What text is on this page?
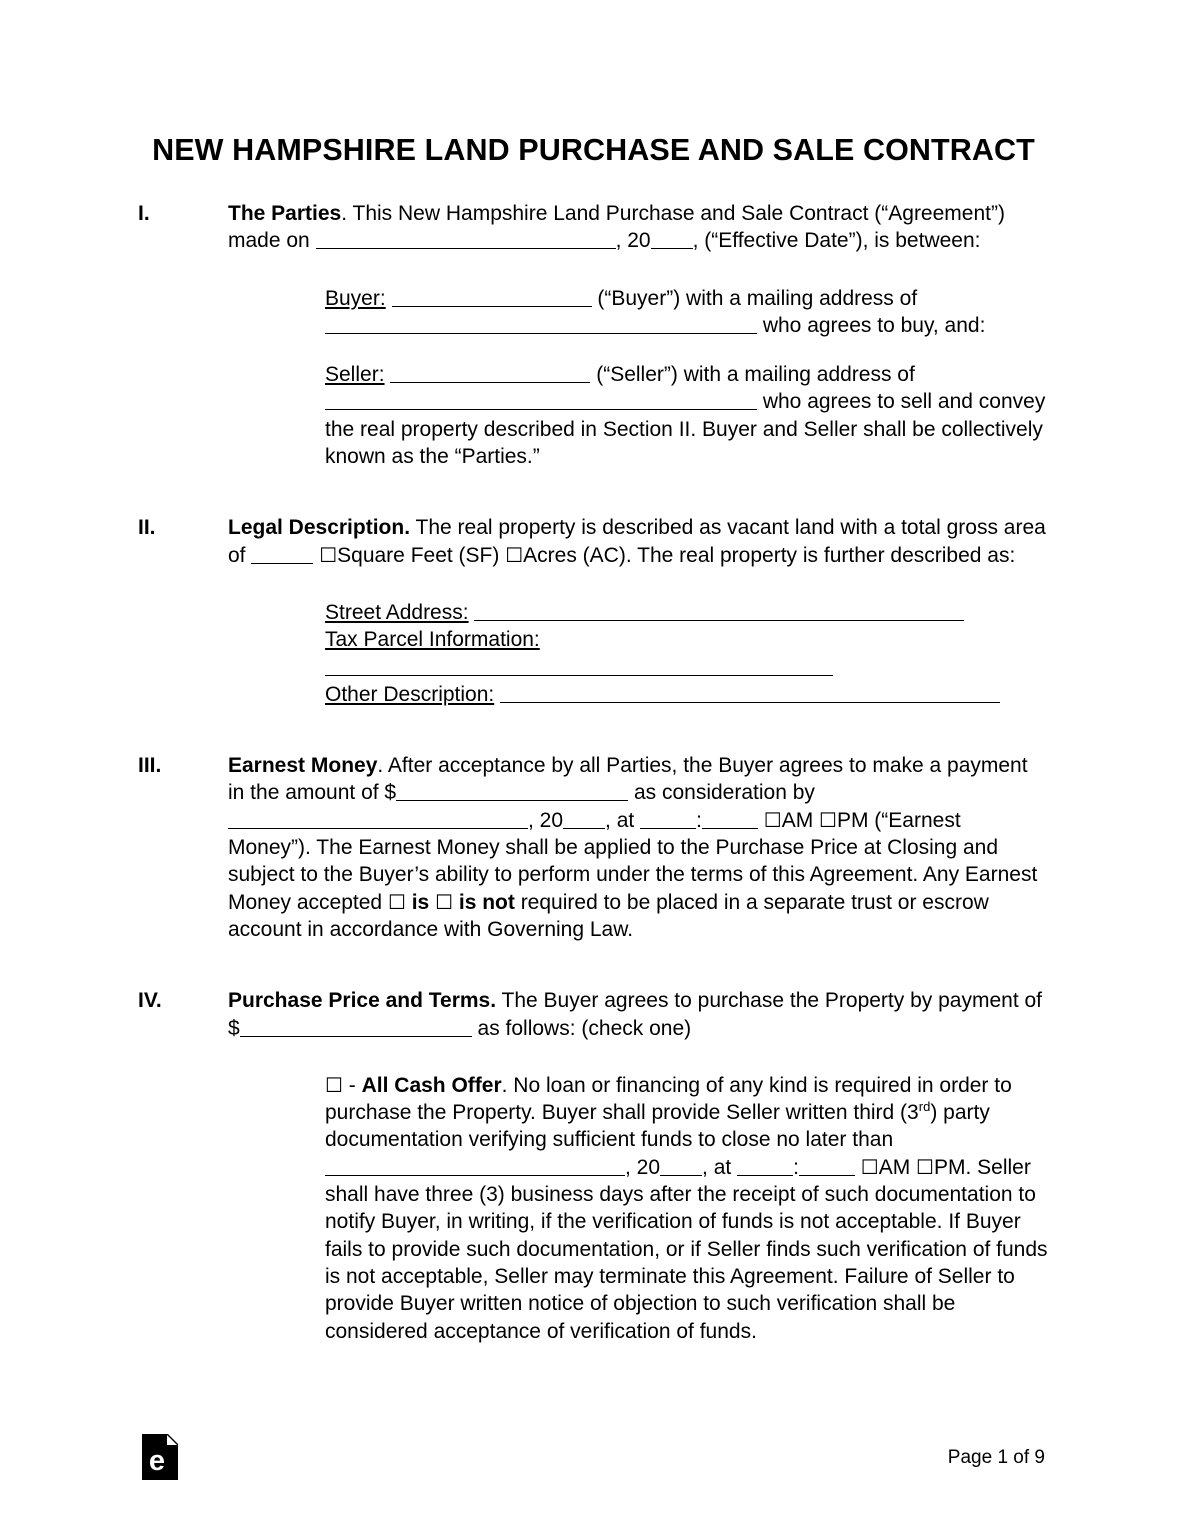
NEW HAMPSHIRE LAND PURCHASE AND SALE CONTRACT
I.	The Parties. This New Hampshire Land Purchase and Sale Contract (“Agreement”) made on	, 20 , (“Effective Date”), is between:
Buyer:	(“Buyer”) with a mailing address of  who agrees to buy, and:
Seller:	(“Seller”) with a mailing address of  who agrees to sell and convey the real property described in Section II. Buyer and Seller shall be collectively known as the “Parties.”
II.	Legal Description. The real property is described as vacant land with a total gross area of	☐Square Feet (SF) ☐Acres (AC). The real property is further described as:
Street Address:
Tax Parcel Information:
Other Description:
III.	Earnest Money. After acceptance by all Parties, the Buyer agrees to make a payment in the amount of $	as consideration by , 20 , at	:	☐AM ☐PM (“Earnest Money”). The Earnest Money shall be applied to the Purchase Price at Closing and subject to the Buyer’s ability to perform under the terms of this Agreement. Any Earnest Money accepted ☐ is ☐ is not required to be placed in a separate trust or escrow account in accordance with Governing Law.
IV.	Purchase Price and Terms. The Buyer agrees to purchase the Property by payment of $	as follows: (check one)
☐ - All Cash Offer. No loan or financing of any kind is required in order to purchase the Property. Buyer shall provide Seller written third (3rd) party documentation verifying sufficient funds to close no later than , 20 , at	:	☐AM ☐PM. Seller shall have three (3) business days after the receipt of such documentation to notify Buyer, in writing, if the verification of funds is not acceptable. If Buyer fails to provide such documentation, or if Seller finds such verification of funds is not acceptable, Seller may terminate this Agreement. Failure of Seller to provide Buyer written notice of objection to such verification shall be considered acceptance of verification of funds.
e	Page 1 of 9
